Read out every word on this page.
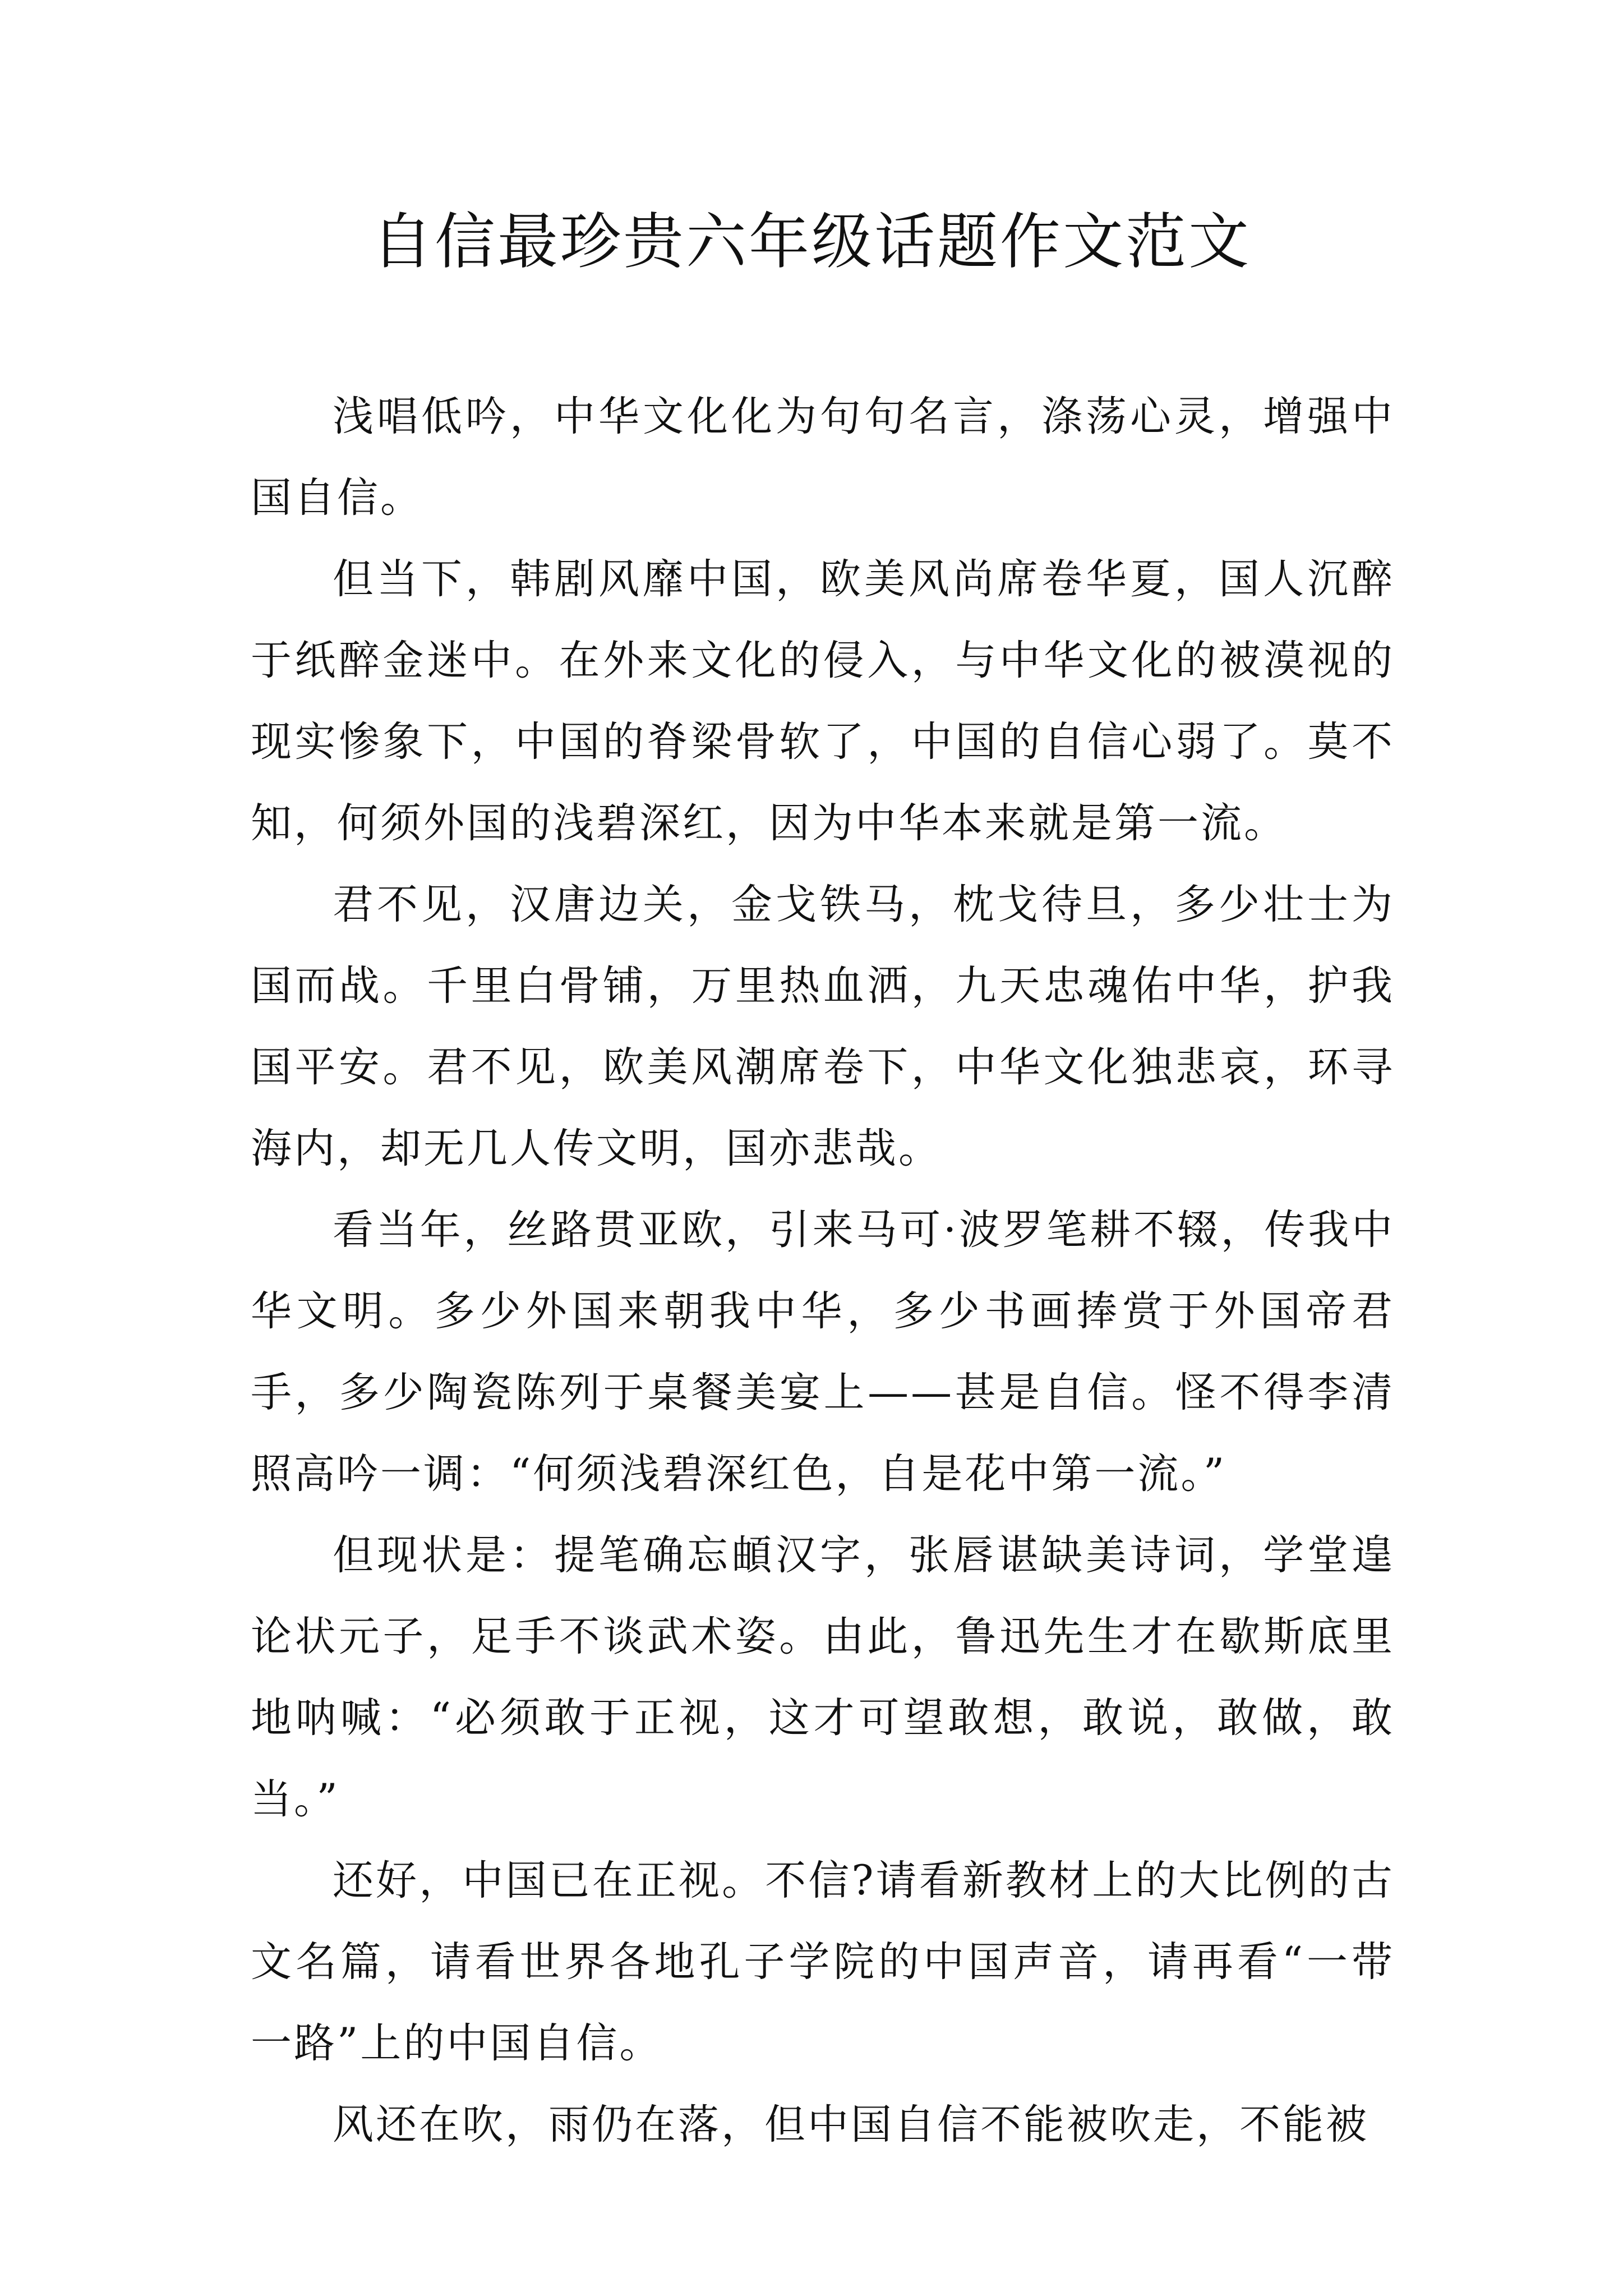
自信最珍贵六年级话题作文范文

浅唱低吟，中华文化化为句句名言，涤荡心灵，增强中国自信。

但当下，韩剧风靡中国，欧美风尚席卷华夏，国人沉醉于纸醉金迷中。在外来文化的侵入，与中华文化的被漠视的现实惨象下，中国的脊梁骨软了，中国的自信心弱了。莫不知，何须外国的浅碧深红，因为中华本来就是第一流。

君不见，汉唐边关，金戈铁马，枕戈待旦，多少壮士为国而战。千里白骨铺，万里热血洒，九天忠魂佑中华，护我国平安。君不见，欧美风潮席卷下，中华文化独悲哀，环寻海内，却无几人传文明，国亦悲哉。

看当年，丝路贯亚欧，引来马可·波罗笔耕不辍，传我中华文明。多少外国来朝我中华，多少书画捧赏于外国帝君手，多少陶瓷陈列于桌餐美宴上——甚是自信。怪不得李清照高吟一调：“何须浅碧深红色，自是花中第一流。”

但现状是：提笔确忘頔汉字，张唇谌缺美诗词，学堂遑论状元子，足手不谈武术姿。由此，鲁迅先生才在歇斯底里地呐喊：“必须敢于正视，这才可望敢想，敢说，敢做，敢当。”

还好，中国已在正视。不信?请看新教材上的大比例的古文名篇，请看世界各地孔子学院的中国声音，请再看“一带一路”上的中国自信。

风还在吹，雨仍在落，但中国自信不能被吹走，不能被
